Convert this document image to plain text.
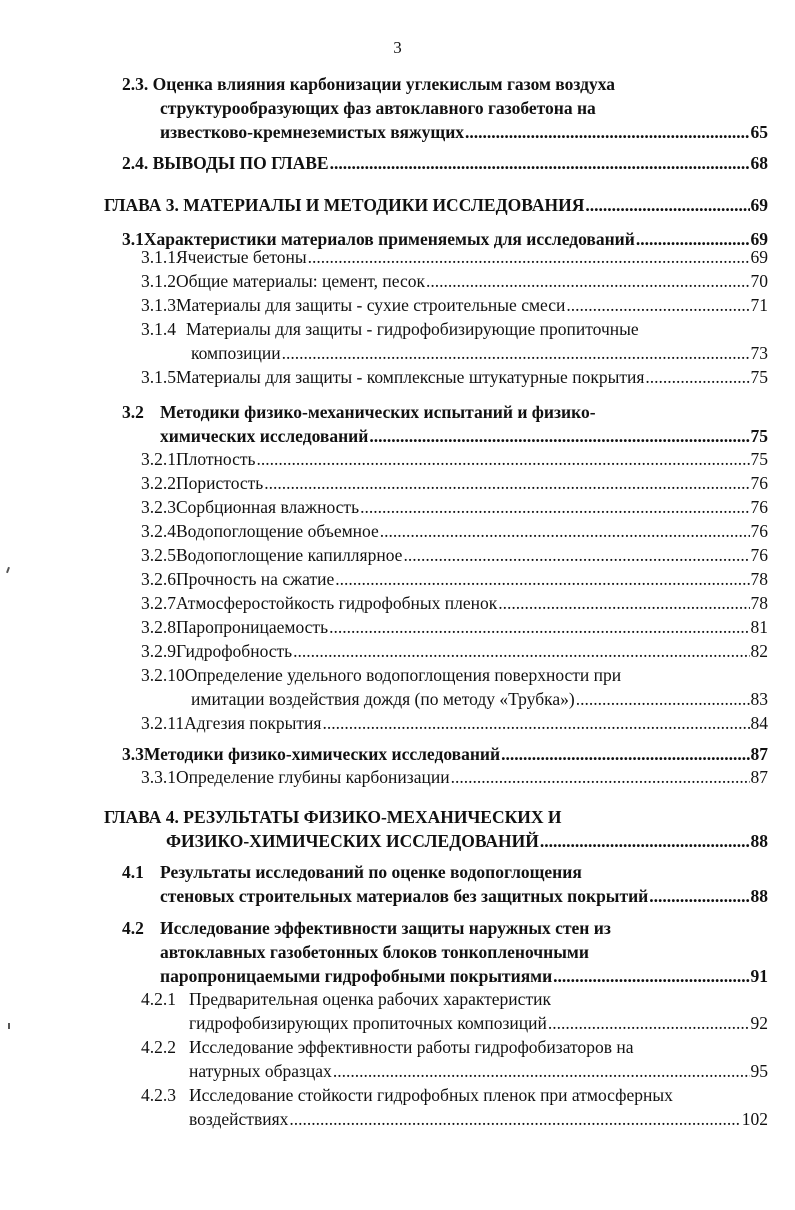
3
2.3. Оценка влияния карбонизации углекислым газом воздуха
структурообразующих фаз автоклавного газобетона на
известково-кремнеземистых вяжущих .....	65
2.4. ВЫВОДЫ ПО ГЛАВЕ .....	68
ГЛАВА 3. МАТЕРИАЛЫ И МЕТОДИКИ ИССЛЕДОВАНИЯ .....	69
3.1 Характеристики материалов применяемых для исследований .....	69
3.1.1 Ячеистые бетоны .....	69
3.1.2 Общие материалы: цемент, песок .....	70
3.1.3 Материалы для защиты - сухие строительные смеси .....	71
3.1.4 Материалы для защиты - гидрофобизирующие пропиточные
композиции .....	73
3.1.5 Материалы для защиты - комплексные штукатурные покрытия .....	75
3.2 Методики физико-механических испытаний и физико-
химических исследований .....	75
3.2.1 Плотность .....	75
3.2.2 Пористость .....	76
3.2.3 Сорбционная влажность .....	76
3.2.4 Водопоглощение объемное .....	76
3.2.5 Водопоглощение капиллярное .....	76
3.2.6 Прочность на сжатие .....	78
3.2.7 Атмосферостойкость гидрофобных пленок .....	78
3.2.8 Паропроницаемость .....	81
3.2.9 Гидрофобность .....	82
3.2.10Определение удельного водопоглощения поверхности при
имитации воздействия дождя (по методу «Трубка») .....	83
3.2.11Адгезия покрытия .....	84
3.3 Методики физико-химических исследований .....	87
3.3.1 Определение глубины карбонизации .....	87
ГЛАВА 4. РЕЗУЛЬТАТЫ ФИЗИКО-МЕХАНИЧЕСКИХ И
ФИЗИКО-ХИМИЧЕСКИХ ИССЛЕДОВАНИЙ .....	88
4.1 Результаты исследований по оценке водопоглощения
стеновых строительных материалов без защитных покрытий .....	88
4.2 Исследование эффективности защиты наружных стен из
автоклавных газобетонных блоков тонкопленочными
паропроницаемыми гидрофобными покрытиями .....	91
4.2.1 Предварительная оценка рабочих характеристик
гидрофобизирующих пропиточных композиций .....	92
4.2.2 Исследование эффективности работы гидрофобизаторов на
натурных образцах .....	95
4.2.3 Исследование стойкости гидрофобных пленок при атмосферных
воздействиях .....	102
